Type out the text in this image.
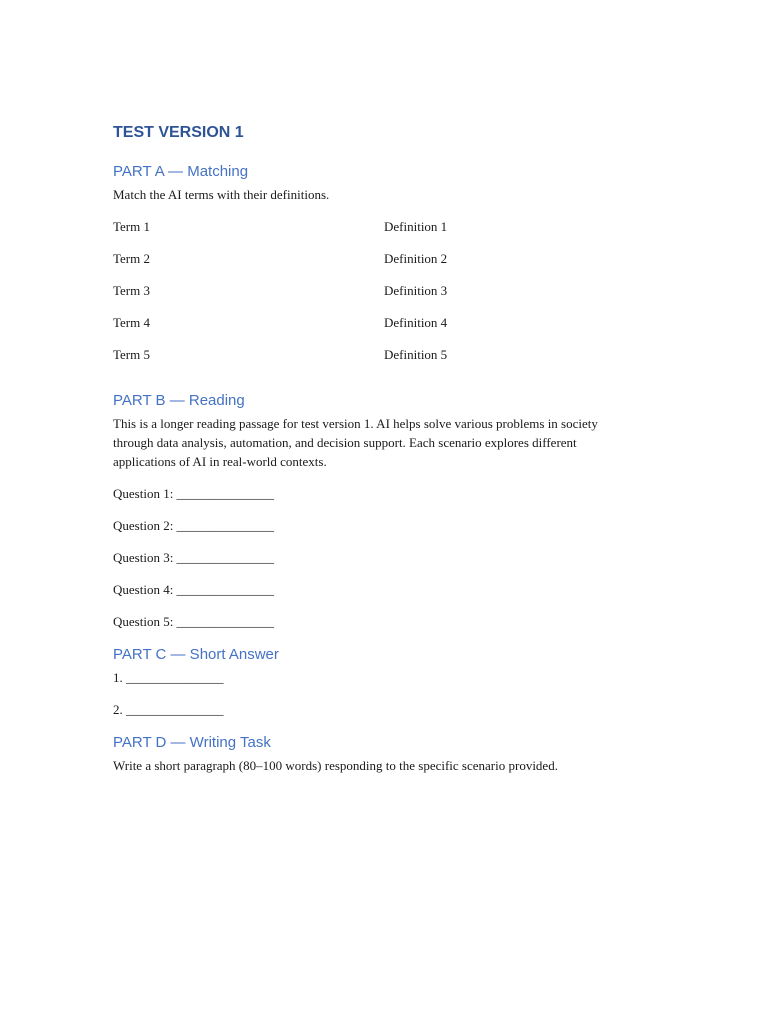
TEST VERSION 1
PART A — Matching
Match the AI terms with their definitions.
Term 1	Definition 1
Term 2	Definition 2
Term 3	Definition 3
Term 4	Definition 4
Term 5	Definition 5
PART B — Reading
This is a longer reading passage for test version 1. AI helps solve various problems in society through data analysis, automation, and decision support. Each scenario explores different applications of AI in real-world contexts.
Question 1: _______________
Question 2: _______________
Question 3: _______________
Question 4: _______________
Question 5: _______________
PART C — Short Answer
1. _______________
2. _______________
PART D — Writing Task
Write a short paragraph (80–100 words) responding to the specific scenario provided.
